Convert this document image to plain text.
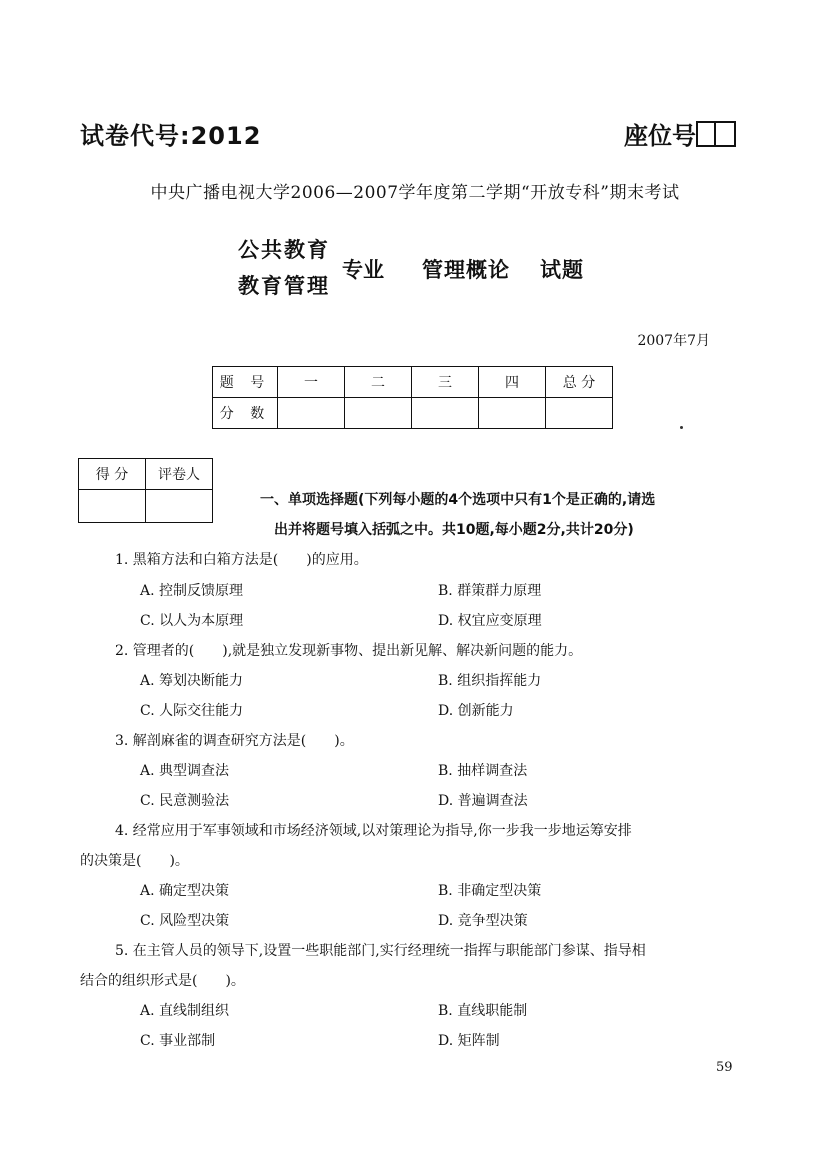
试卷代号:2012	座位号
中央广播电视大学2006—2007学年度第二学期“开放专科”期末考试
公共教育
教育管理
专业 管理概论 试题
2007年7月
题 号	一	二	三	四	总 分
分 数					
得 分	评卷人

一、单项选择题(下列每小题的4个选项中只有1个是正确的,请选
出并将题号填入括弧之中。共10题,每小题2分,共计20分)
1. 黑箱方法和白箱方法是(　　)的应用。
A. 控制反馈原理	B. 群策群力原理
C. 以人为本原理	D. 权宜应变原理
2. 管理者的(　　),就是独立发现新事物、提出新见解、解决新问题的能力。
A. 筹划决断能力	B. 组织指挥能力
C. 人际交往能力	D. 创新能力
3. 解剖麻雀的调查研究方法是(　　)。
A. 典型调查法	B. 抽样调查法
C. 民意测验法	D. 普遍调查法
4. 经常应用于军事领域和市场经济领域,以对策理论为指导,你一步我一步地运筹安排
的决策是(　　)。
A. 确定型决策	B. 非确定型决策
C. 风险型决策	D. 竞争型决策
5. 在主管人员的领导下,设置一些职能部门,实行经理统一指挥与职能部门参谋、指导相
结合的组织形式是(　　)。
A. 直线制组织	B. 直线职能制
C. 事业部制	D. 矩阵制
59
